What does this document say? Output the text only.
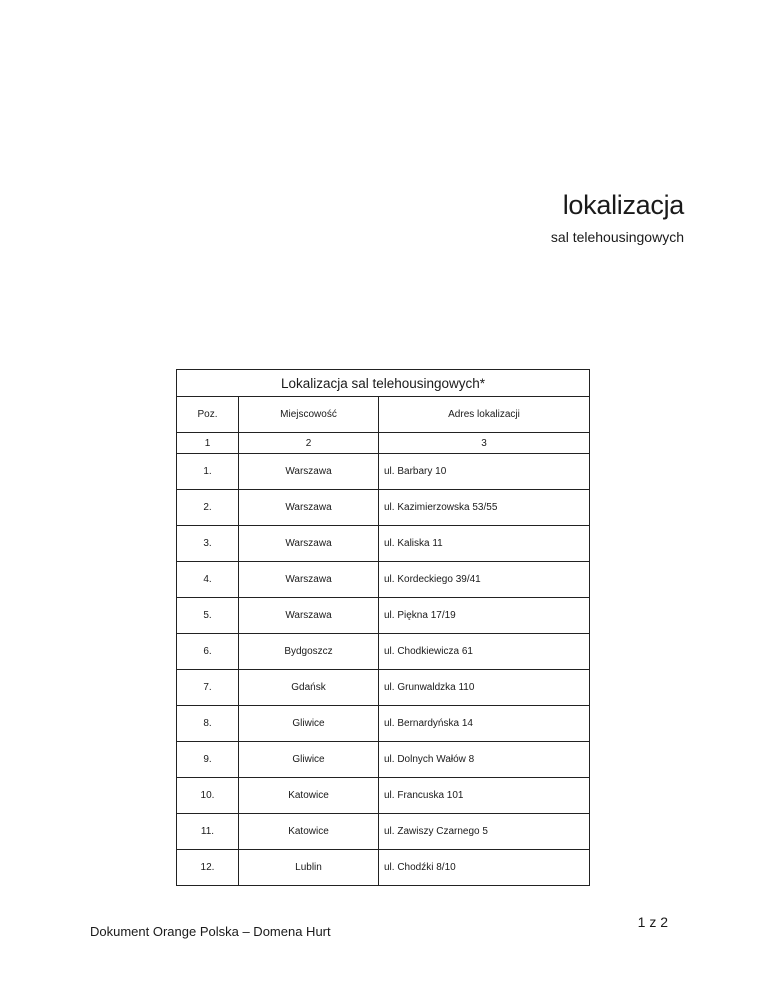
lokalizacja
sal telehousingowych
Lokalizacja sal telehousingowych*		
Poz.	Miejscowość	Adres lokalizacji
1	2	3
1.	Warszawa	ul. Barbary 10
2.	Warszawa	ul. Kazimierzowska 53/55
3.	Warszawa	ul. Kaliska 11
4.	Warszawa	ul. Kordeckiego 39/41
5.	Warszawa	ul. Piękna 17/19
6.	Bydgoszcz	ul. Chodkiewicza 61
7.	Gdańsk	ul. Grunwaldzka 110
8.	Gliwice	ul. Bernardyńska 14
9.	Gliwice	ul. Dolnych Wałów 8
10.	Katowice	ul. Francuska 101
11.	Katowice	ul. Zawiszy Czarnego 5
12.	Lublin	ul. Chodźki 8/10
Dokument Orange Polska – Domena Hurt
1 z 2
